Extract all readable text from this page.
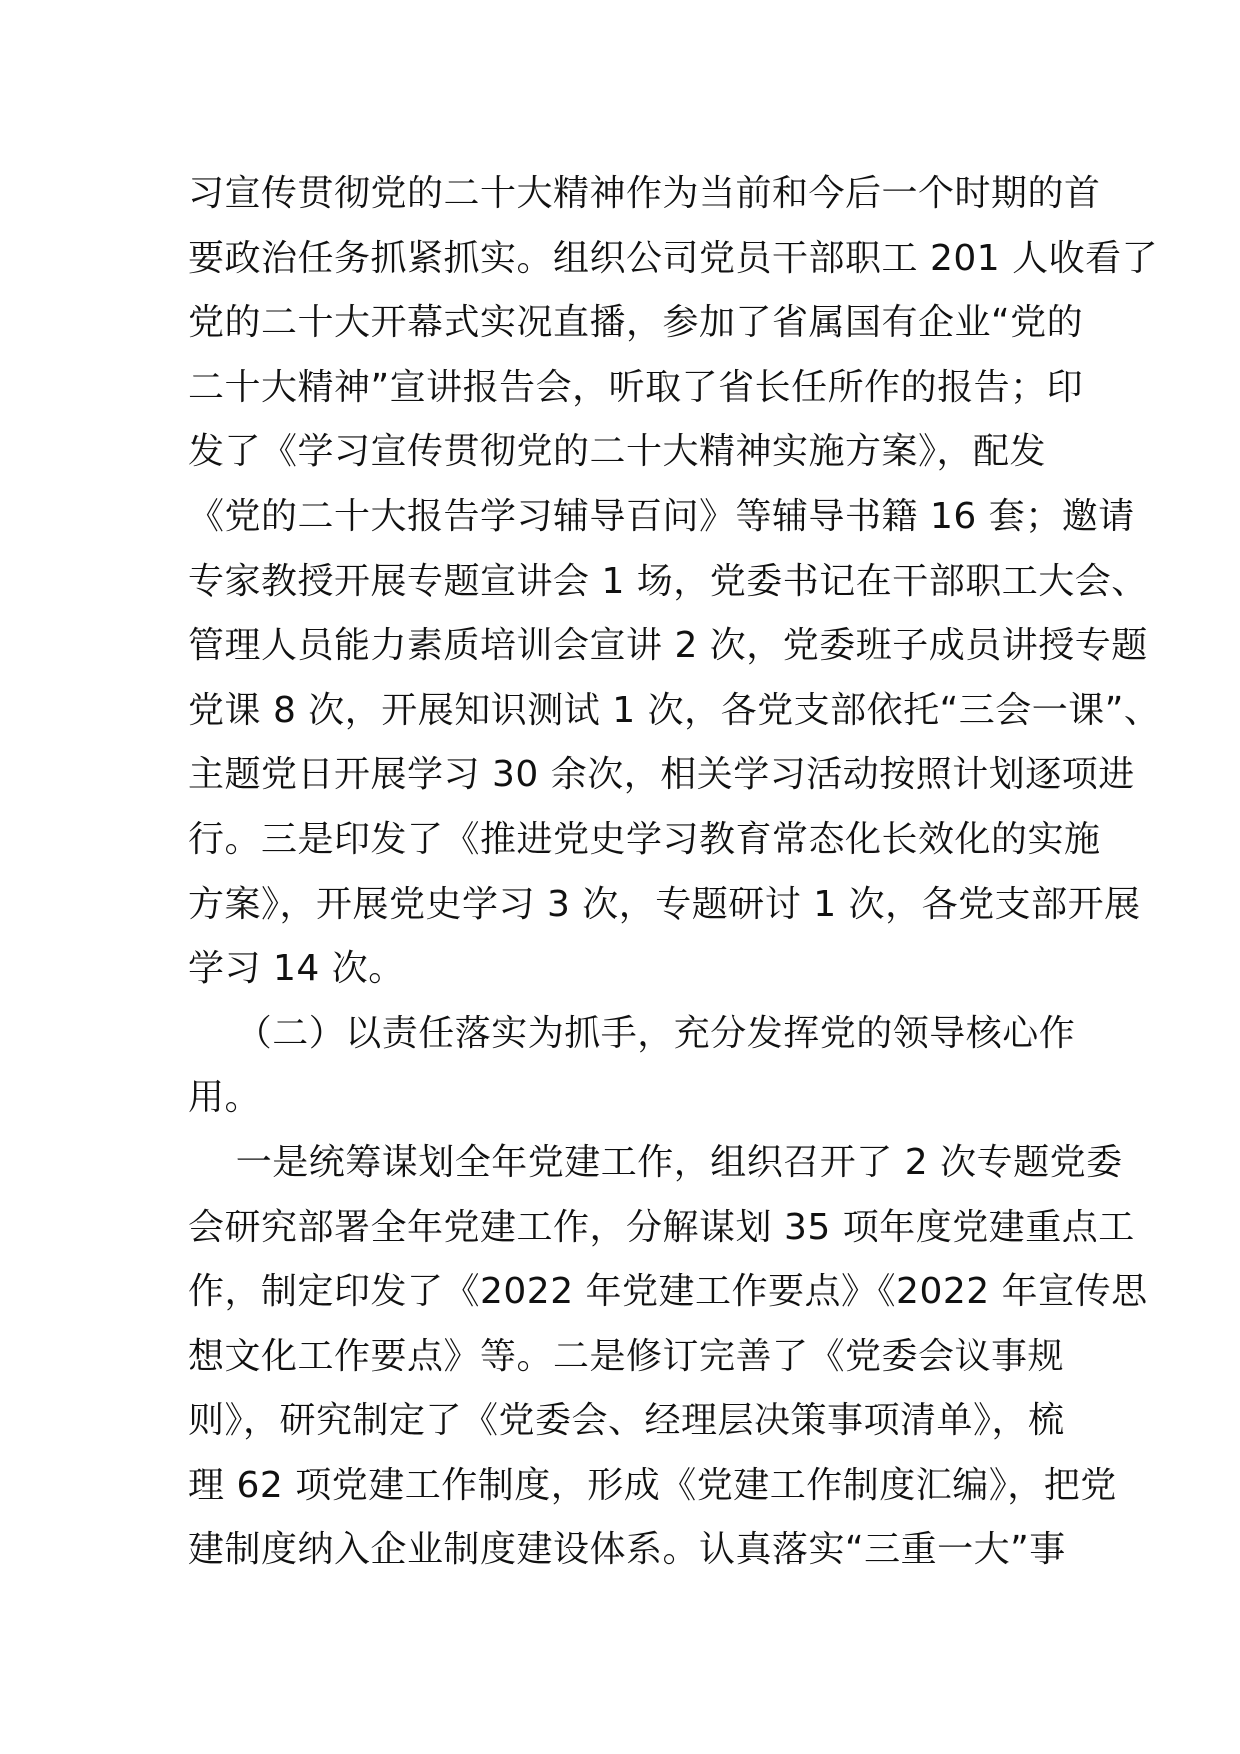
习宣传贯彻党的二十大精神作为当前和今后一个时期的首
要政治任务抓紧抓实。组织公司党员干部职工 201 人收看了
党的二十大开幕式实况直播，参加了省属国有企业“党的
二十大精神”宣讲报告会，听取了省长任所作的报告；印
发了《学习宣传贯彻党的二十大精神实施方案》，配发
《党的二十大报告学习辅导百问》等辅导书籍 16 套；邀请
专家教授开展专题宣讲会 1 场，党委书记在干部职工大会、
管理人员能力素质培训会宣讲 2 次，党委班子成员讲授专题
党课 8 次，开展知识测试 1 次，各党支部依托“三会一课”、
主题党日开展学习 30 余次，相关学习活动按照计划逐项进
行。三是印发了《推进党史学习教育常态化长效化的实施
方案》，开展党史学习 3 次，专题研讨 1 次，各党支部开展
学习 14 次。
（二）以责任落实为抓手，充分发挥党的领导核心作
用。
一是统筹谋划全年党建工作，组织召开了 2 次专题党委
会研究部署全年党建工作，分解谋划 35 项年度党建重点工
作，制定印发了《2022 年党建工作要点》《2022 年宣传思
想文化工作要点》等。二是修订完善了《党委会议事规
则》，研究制定了《党委会、经理层决策事项清单》，梳
理 62 项党建工作制度，形成《党建工作制度汇编》，把党
建制度纳入企业制度建设体系。认真落实“三重一大”事
